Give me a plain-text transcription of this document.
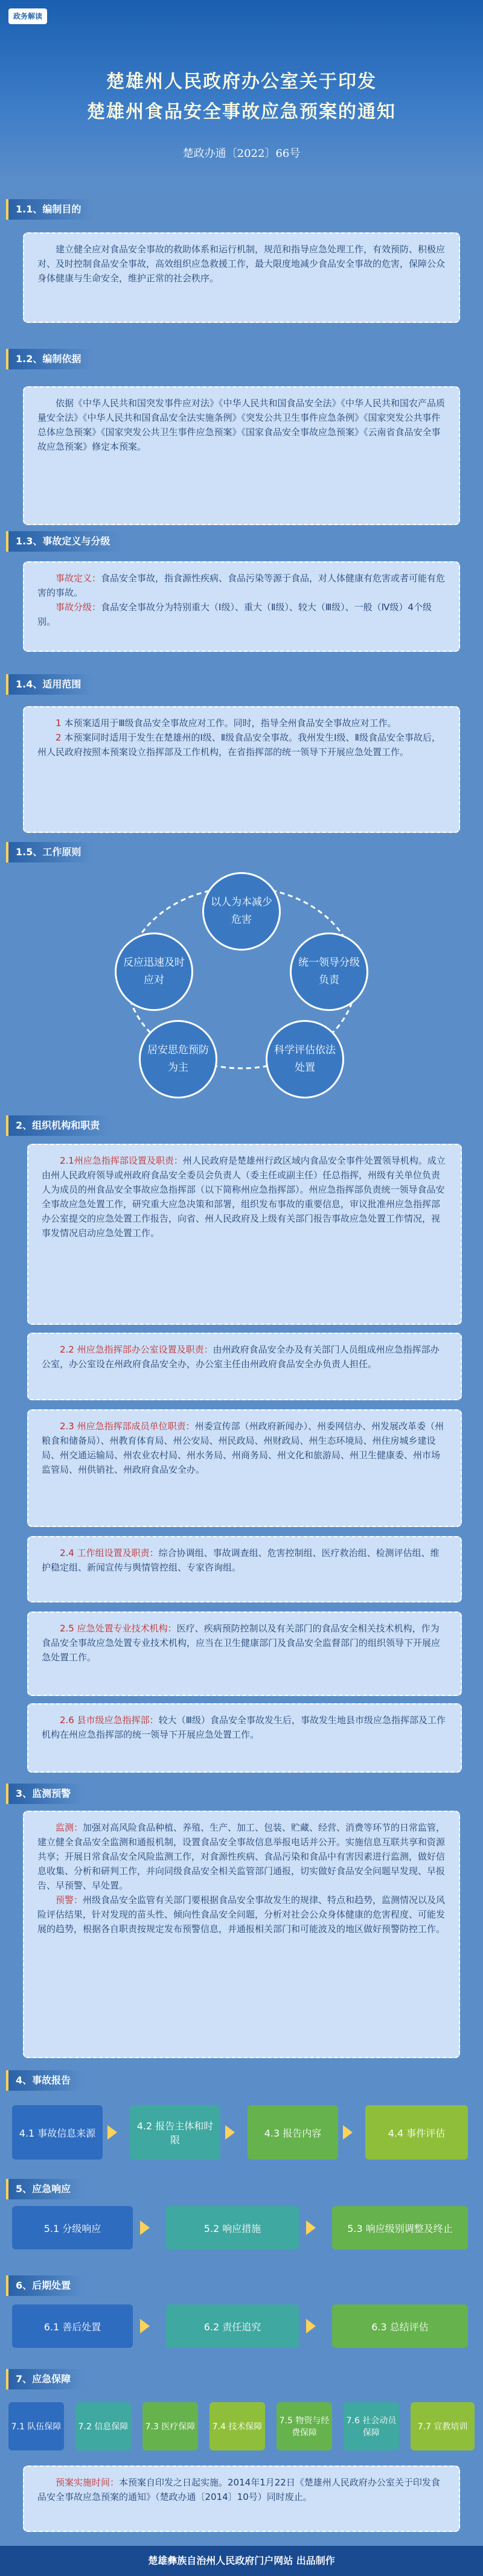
政务解读
楚雄州人民政府办公室关于印发
楚雄州食品安全事故应急预案的通知
楚政办通〔2022〕66号
1.1、编制目的

建立健全应对食品安全事故的救助体系和运行机制，规范和指导应急处理工作，有效预防、积极应对、及时控制食品安全事故，高效组织应急救援工作，最大限度地减少食品安全事故的危害，保障公众身体健康与生命安全，维护正常的社会秩序。

1.2、编制依据

依据《中华人民共和国突发事件应对法》《中华人民共和国食品安全法》《中华人民共和国农产品质量安全法》《中华人民共和国食品安全法实施条例》《突发公共卫生事件应急条例》《国家突发公共事件总体应急预案》《国家突发公共卫生事件应急预案》《国家食品安全事故应急预案》《云南省食品安全事故应急预案》修定本预案。

1.3、事故定义与分级

事故定义：食品安全事故，指食源性疾病、食品污染等源于食品，对人体健康有危害或者可能有危害的事故。

事故分级：食品安全事故分为特别重大（Ⅰ级）、重大（Ⅱ级）、较大（Ⅲ级）、一般（Ⅳ级）4个级别。

1.4、适用范围

1 本预案适用于Ⅲ级食品安全事故应对工作。同时，指导全州食品安全事故应对工作。

2 本预案同时适用于发生在楚雄州的Ⅰ级、Ⅱ级食品安全事故。我州发生Ⅰ级、Ⅱ级食品安全事故后，州人民政府按照本预案设立指挥部及工作机构，在省指挥部的统一领导下开展应急处置工作。

1.5、工作原则
以人为本减少危害
统一领导分级负责
科学评估依法处置
居安思危预防为主
反应迅速及时应对
2、组织机构和职责

2.1州应急指挥部设置及职责：州人民政府是楚雄州行政区域内食品安全事件处置领导机构。成立由州人民政府领导或州政府食品安全委员会负责人（委主任或副主任）任总指挥，州级有关单位负责人为成员的州食品安全事故应急指挥部（以下简称州应急指挥部）。州应急指挥部负责统一领导食品安全事故应急处置工作，研究重大应急决策和部署，组织发布事故的重要信息，审议批准州应急指挥部办公室提交的应急处置工作报告，向省、州人民政府及上级有关部门报告事故应急处置工作情况，视事发情况启动应急处置工作。

2.2 州应急指挥部办公室设置及职责：由州政府食品安全办及有关部门人员组成州应急指挥部办公室，办公室设在州政府食品安全办，办公室主任由州政府食品安全办负责人担任。

2.3 州应急指挥部成员单位职责：州委宣传部（州政府新闻办）、州委网信办、州发展改革委（州粮食和储备局）、州教育体育局、州公安局、州民政局、州财政局、州生态环境局、州住房城乡建设局、州交通运输局、州农业农村局、州水务局、州商务局、州文化和旅游局、州卫生健康委、州市场监管局、州供销社、州政府食品安全办。

2.4 工作组设置及职责：综合协调组、事故调查组、危害控制组、医疗救治组、检测评估组、维护稳定组、新闻宣传与舆情管控组、专家咨询组。

2.5 应急处置专业技术机构：医疗、疾病预防控制以及有关部门的食品安全相关技术机构，作为食品安全事故应急处置专业技术机构，应当在卫生健康部门及食品安全监督部门的组织领导下开展应急处置工作。

2.6 县市级应急指挥部：较大（Ⅲ级）食品安全事故发生后，事故发生地县市级应急指挥部及工作机构在州应急指挥部的统一领导下开展应急处置工作。

3、监测预警

监测：加强对高风险食品种植、养殖、生产、加工、包装、贮藏、经营、消费等环节的日常监管，建立健全食品安全监测和通报机制，设置食品安全事故信息举报电话并公开。实施信息互联共享和资源共享；开展日常食品安全风险监测工作，对食源性疾病、食品污染和食品中有害因素进行监测，做好信息收集、分析和研判工作，并向同级食品安全相关监管部门通报，切实做好食品安全问题早发现、早报告、早预警、早处置。

预警：州级食品安全监管有关部门要根据食品安全事故发生的规律、特点和趋势，监测情况以及风险评估结果，针对发现的苗头性、倾向性食品安全问题，分析对社会公众身体健康的危害程度、可能发展的趋势，根据各自职责按规定发布预警信息，并通报相关部门和可能波及的地区做好预警防控工作。

4、事故报告
4.1 事故信息来源
4.2 报告主体和时限
4.3 报告内容	4.4 事件评估
5、应急响应
5.1 分级响应	5.2 响应措施	5.3 响应级别调整及终止
6、后期处置
6.1 善后处置	6.2 责任追究	6.3 总结评估
7、应急保障
7.1 队伍保障	7.2 信息保障	7.3 医疗保障	7.4 技术保障
7.5 物资与经费保障
7.6 社会动员保障
7.7 宣教培训

预案实施时间：本预案自印发之日起实施。2014年1月22日《楚雄州人民政府办公室关于印发食品安全事故应急预案的通知》（楚政办通〔2014〕10号）同时废止。

楚雄彝族自治州人民政府门户网站 出品制作
